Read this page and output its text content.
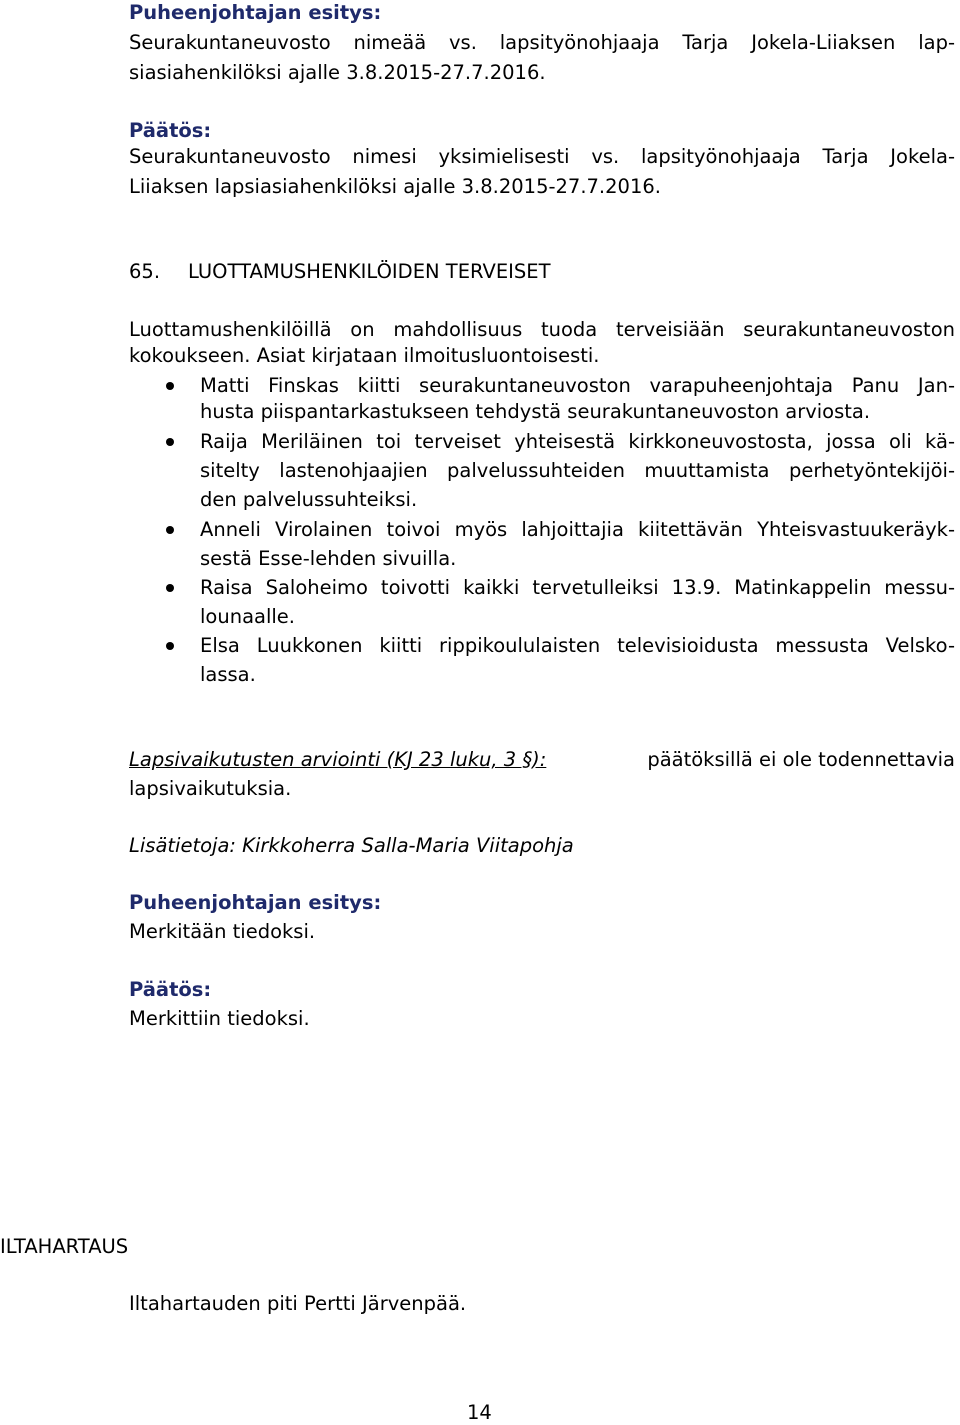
Puheenjohtajan esitys:
Seurakuntaneuvosto nimeää vs. lapsityönohjaaja Tarja Jokela-Liiaksen lap-
siasiahenkilöksi ajalle 3.8.2015-27.7.2016.
Päätös:
Seurakuntaneuvosto nimesi yksimielisesti vs. lapsityönohjaaja Tarja Jokela-
Liiaksen lapsiasiahenkilöksi ajalle 3.8.2015-27.7.2016.
65. LUOTTAMUSHENKILÖIDEN TERVEISET
Luottamushenkilöillä on mahdollisuus tuoda terveisiään seurakuntaneuvoston
kokoukseen. Asiat kirjataan ilmoitusluontoisesti.
Matti Finskas kiitti seurakuntaneuvoston varapuheenjohtaja Panu Jan-
husta piispantarkastukseen tehdystä seurakuntaneuvoston arviosta.
Raija Meriläinen toi terveiset yhteisestä kirkkoneuvostosta, jossa oli kä-
sitelty lastenohjaajien palvelussuhteiden muuttamista perhetyöntekijöi-
den palvelussuhteiksi.
Anneli Virolainen toivoi myös lahjoittajia kiitettävän Yhteisvastuukeräyk-
sestä Esse-lehden sivuilla.
Raisa Saloheimo toivotti kaikki tervetulleiksi 13.9. Matinkappelin messu-
lounaalle.
Elsa Luukkonen kiitti rippikoululaisten televisioidusta messusta Velsko-
lassa.
Lapsivaikutusten arviointi (KJ 23 luku, 3 §):	päätöksillä ei ole todennettavia
lapsivaikutuksia.
Lisätietoja: Kirkkoherra Salla-Maria Viitapohja
Puheenjohtajan esitys:
Merkitään tiedoksi.
Päätös:
Merkittiin tiedoksi.
ILTAHARTAUS
Iltahartauden piti Pertti Järvenpää.
14
